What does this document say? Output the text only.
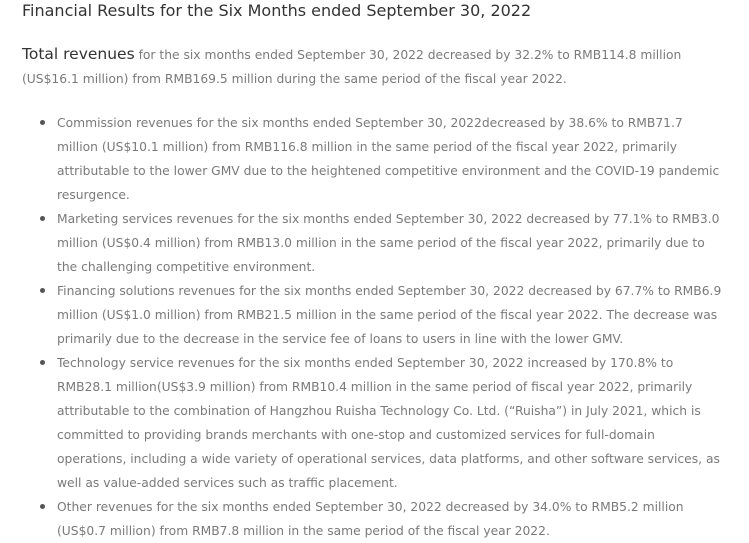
Financial Results for the Six Months ended September 30, 2022
Total revenues for the six months ended September 30, 2022 decreased by 32.2% to RMB114.8 million (US$16.1 million) from RMB169.5 million during the same period of the fiscal year 2022.
Commission revenues for the six months ended September 30, 2022decreased by 38.6% to RMB71.7 million (US$10.1 million) from RMB116.8 million in the same period of the fiscal year 2022, primarily attributable to the lower GMV due to the heightened competitive environment and the COVID-19 pandemic resurgence.
Marketing services revenues for the six months ended September 30, 2022 decreased by 77.1% to RMB3.0 million (US$0.4 million) from RMB13.0 million in the same period of the fiscal year 2022, primarily due to the challenging competitive environment.
Financing solutions revenues for the six months ended September 30, 2022 decreased by 67.7% to RMB6.9 million (US$1.0 million) from RMB21.5 million in the same period of the fiscal year 2022. The decrease was primarily due to the decrease in the service fee of loans to users in line with the lower GMV.
Technology service revenues for the six months ended September 30, 2022 increased by 170.8% to RMB28.1 million(US$3.9 million) from RMB10.4 million in the same period of fiscal year 2022, primarily attributable to the combination of Hangzhou Ruisha Technology Co. Ltd. (“Ruisha”) in July 2021, which is committed to providing brands merchants with one-stop and customized services for full-domain operations, including a wide variety of operational services, data platforms, and other software services, as well as value-added services such as traffic placement.
Other revenues for the six months ended September 30, 2022 decreased by 34.0% to RMB5.2 million (US$0.7 million) from RMB7.8 million in the same period of the fiscal year 2022.
